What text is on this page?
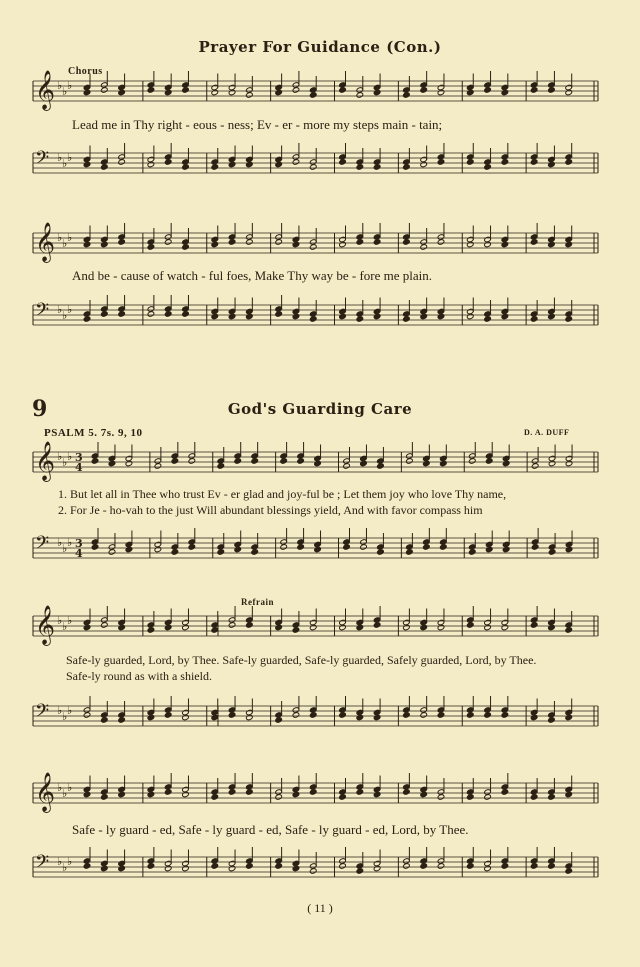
Prayer For Guidance (Con.)
Chorus
𝄞 ♭ ♭ ♭
Lead me in Thy right - eous - ness; Ev - er - more my steps main - tain;
𝄢 ♭ ♭ ♭
𝄞 ♭ ♭ ♭
And be - cause of watch - ful foes, Make Thy way be - fore me plain.
𝄢 ♭ ♭ ♭
9	God's Guarding Care
PSALM 5. 7s. 9, 10	D. A. DUFF
𝄞 ♭ ♭ ♭ 3
4
1. But let all in Thee who trust Ev - er glad and joy-ful be ; Let them joy who love Thy name,
2. For Je - ho-vah to the just Will abundant blessings yield, And with favor compass him
𝄢 ♭ ♭ ♭ 3
4
Refrain
𝄞 ♭ ♭ ♭
Safe-ly guarded, Lord, by Thee. Safe-ly guarded, Safe-ly guarded, Safely guarded, Lord, by Thee.
Safe-ly round as with a shield.
𝄢 ♭ ♭ ♭
𝄞 ♭ ♭ ♭
Safe - ly guard - ed, Safe - ly guard - ed, Safe - ly guard - ed, Lord, by Thee.
𝄢 ♭ ♭ ♭
( 11 )
